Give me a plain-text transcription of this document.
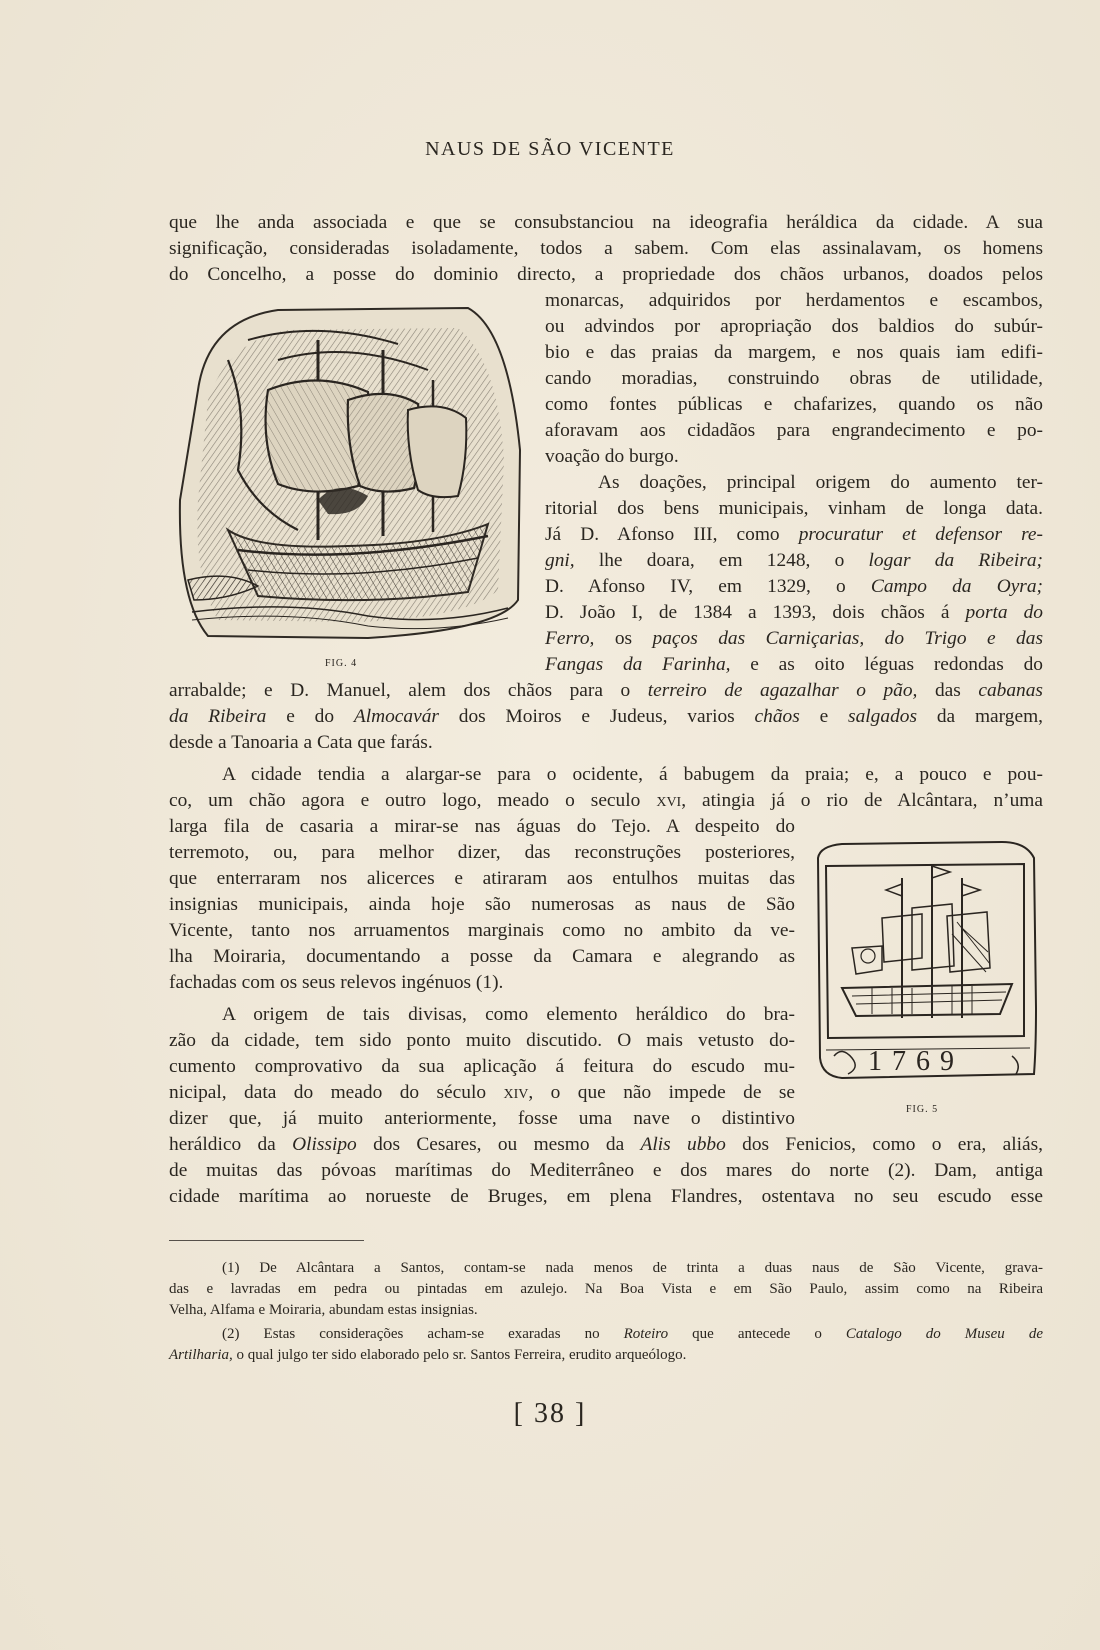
NAUS DE SÃO VICENTE
que lhe anda associada e que se consubstanciou na ideografia heráldica da cidade. A sua
significação, consideradas isoladamente, todos a sabem. Com elas assinalavam, os homens
do Concelho, a posse do dominio directo, a propriedade dos chãos urbanos, doados pelos
monarcas, adquiridos por herdamentos e escambos,
ou advindos por apropriação dos baldios do subúr-
bio e das praias da margem, e nos quais iam edifi-
cando moradias, construindo obras de utilidade,
como fontes públicas e chafarizes, quando os não
aforavam aos cidadãos para engrandecimento e po-
voação do burgo.
As doações, principal origem do aumento ter-
ritorial dos bens municipais, vinham de longa data.
Já D. Afonso III, como procuratur et defensor re-
gni, lhe doara, em 1248, o logar da Ribeira;
D. Afonso IV, em 1329, o Campo da Oyra;
D. João I, de 1384 a 1393, dois chãos á porta do
Ferro, os paços das Carniçarias, do Trigo e das
Fangas da Farinha, e as oito léguas redondas do
arrabalde; e D. Manuel, alem dos chãos para o terreiro de agazalhar o pão, das cabanas
da Ribeira e do Almocavár dos Moiros e Judeus, varios chãos e salgados da margem,
desde a Tanoaria a Cata que farás.
A cidade tendia a alargar-se para o ocidente, á babugem da praia; e, a pouco e pou-
co, um chão agora e outro logo, meado o seculo xvi, atingia já o rio de Alcântara, n’uma
larga fila de casaria a mirar-se nas águas do Tejo. A despeito do
terremoto, ou, para melhor dizer, das reconstruções posteriores,
que enterraram nos alicerces e atiraram aos entulhos muitas das
insignias municipais, ainda hoje são numerosas as naus de São
Vicente, tanto nos arruamentos marginais como no ambito da ve-
lha Moiraria, documentando a posse da Camara e alegrando as
fachadas com os seus relevos ingénuos (1).
A origem de tais divisas, como elemento heráldico do bra-
zão da cidade, tem sido ponto muito discutido. O mais vetusto do-
cumento comprovativo da sua aplicação á feitura do escudo mu-
nicipal, data do meado do século xiv, o que não impede de se
dizer que, já muito anteriormente, fosse uma nave o distintivo
heráldico da Olissipo dos Cesares, ou mesmo da Alis ubbo dos Fenicios, como o era, aliás,
de muitas das póvoas marítimas do Mediterrâneo e dos mares do norte (2). Dam, antiga
cidade marítima ao norueste de Bruges, em plena Flandres, ostentava no seu escudo esse
FIG. 4
1769
FIG. 5
(1) De Alcântara a Santos, contam-se nada menos de trinta a duas naus de São Vicente, grava-
das e lavradas em pedra ou pintadas em azulejo. Na Boa Vista e em São Paulo, assim como na Ribeira
Velha, Alfama e Moiraria, abundam estas insignias.
(2) Estas considerações acham-se exaradas no Roteiro que antecede o Catalogo do Museu de
Artilharia, o qual julgo ter sido elaborado pelo sr. Santos Ferreira, erudito arqueólogo.
[ 38 ]
